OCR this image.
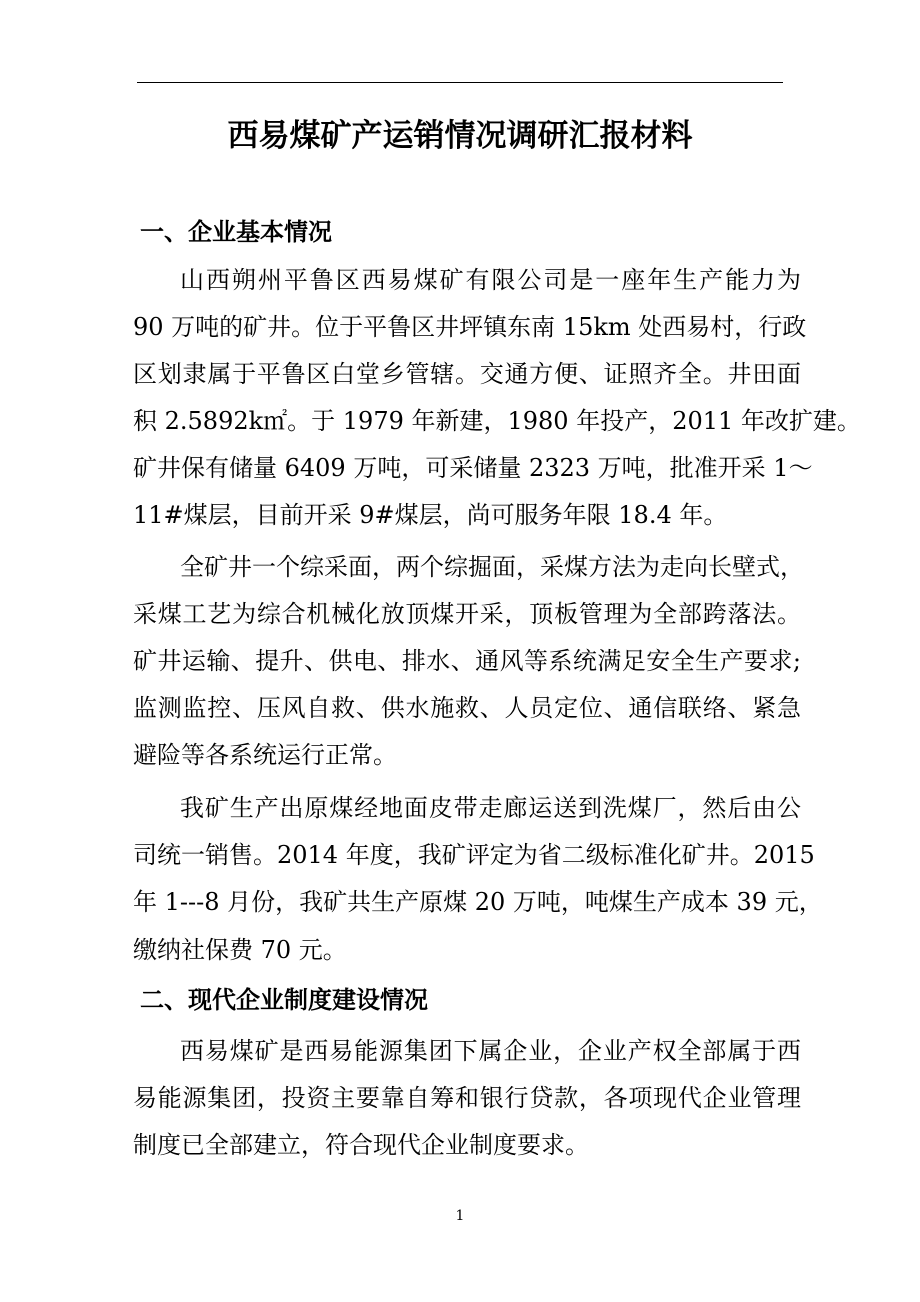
西易煤矿产运销情况调研汇报材料
一、企业基本情况
山西朔州平鲁区西易煤矿有限公司是一座年生产能力为
90 万吨的矿井。位于平鲁区井坪镇东南 15km 处西易村，行政
区划隶属于平鲁区白堂乡管辖。交通方便、证照齐全。井田面
积 2.5892k㎡。于 1979 年新建，1980 年投产，2011 年改扩建。
矿井保有储量 6409 万吨，可采储量 2323 万吨，批准开采 1～
11#煤层，目前开采 9#煤层，尚可服务年限 18.4 年。
全矿井一个综采面，两个综掘面，采煤方法为走向长壁式，
采煤工艺为综合机械化放顶煤开采，顶板管理为全部跨落法。
矿井运输、提升、供电、排水、通风等系统满足安全生产要求;
监测监控、压风自救、供水施救、人员定位、通信联络、紧急
避险等各系统运行正常。
我矿生产出原煤经地面皮带走廊运送到洗煤厂，然后由公
司统一销售。2014 年度，我矿评定为省二级标准化矿井。2015
年 1---8 月份，我矿共生产原煤 20 万吨，吨煤生产成本 39 元，
缴纳社保费 70 元。
二、现代企业制度建设情况
西易煤矿是西易能源集团下属企业，企业产权全部属于西
易能源集团，投资主要靠自筹和银行贷款，各项现代企业管理
制度已全部建立，符合现代企业制度要求。
1
